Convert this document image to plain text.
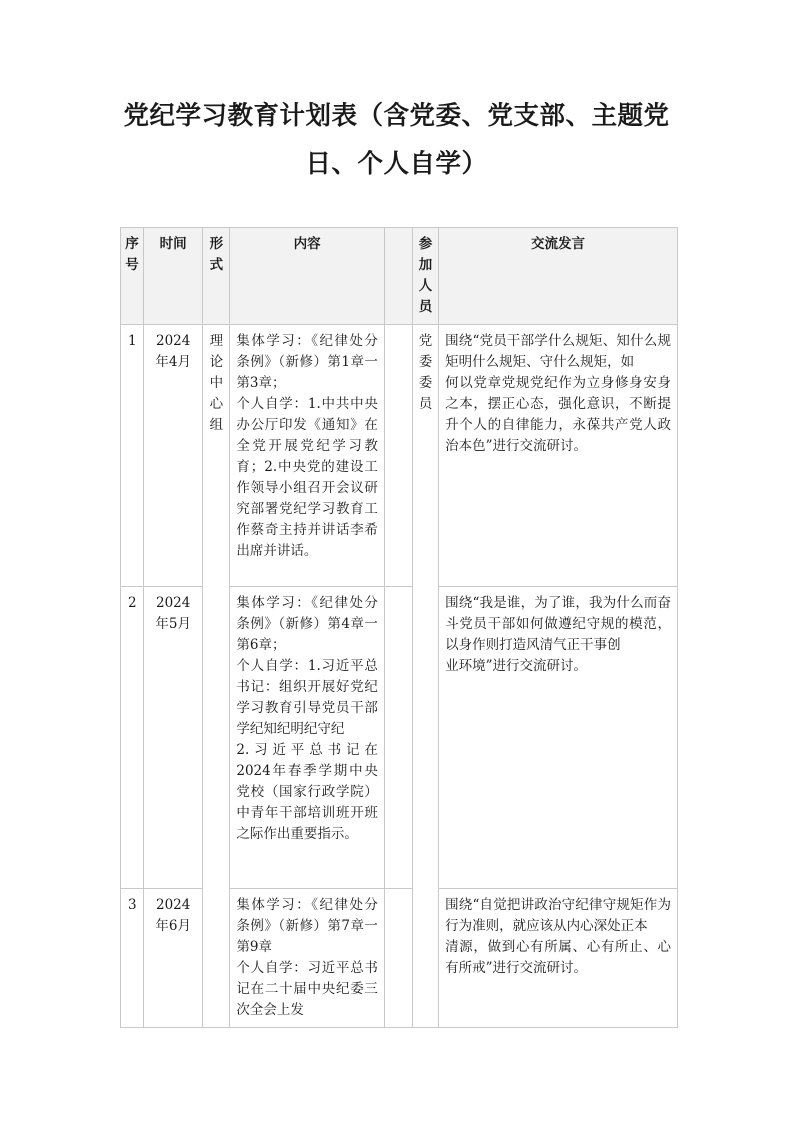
党纪学习教育计划表（含党委、党支部、主题党日、个人自学）
序号	时间	形式	内容		参加人员	交流发言
1	2024年4月	理论中心组	集体学习：《纪律处分条例》（新修）第1章一第3章；
个人自学：1.中共中央办公厅印发《通知》在全党开展党纪学习教育；2.中央党的建设工作领导小组召开会议研究部署党纪学习教育工作蔡奇主持并讲话李希出席并讲话。		党委委员	围绕“党员干部学什么规矩、知什么规矩明什么规矩、守什么规矩，如
何以党章党规党纪作为立身修身安身之本，摆正心态，强化意识，不断提升个人的自律能力，永葆共产党人政治本色”进行交流研讨。

2	2024年5月		集体学习：《纪律处分条例》（新修）第4章一第6章；
个人自学：1.习近平总书记：组织开展好党纪学习教育引导党员干部学纪知纪明纪守纪
2.习近平总书记在2024年春季学期中央党校（国家行政学院）中青年干部培训班开班之际作出重要指示。			围绕“我是谁，为了谁，我为什么而奋斗党员干部如何做遵纪守规的模范，以身作则打造风清气正干事创
业环境”进行交流研讨。

3	2024年6月		集体学习：《纪律处分条例》（新修）第7章一第9章
个人自学：习近平总书记在二十届中央纪委三次全会上发			围绕“自觉把讲政治守纪律守规矩作为行为准则，就应该从内心深处正本
清源，做到心有所属、心有所止、心有所戒”进行交流研讨。
